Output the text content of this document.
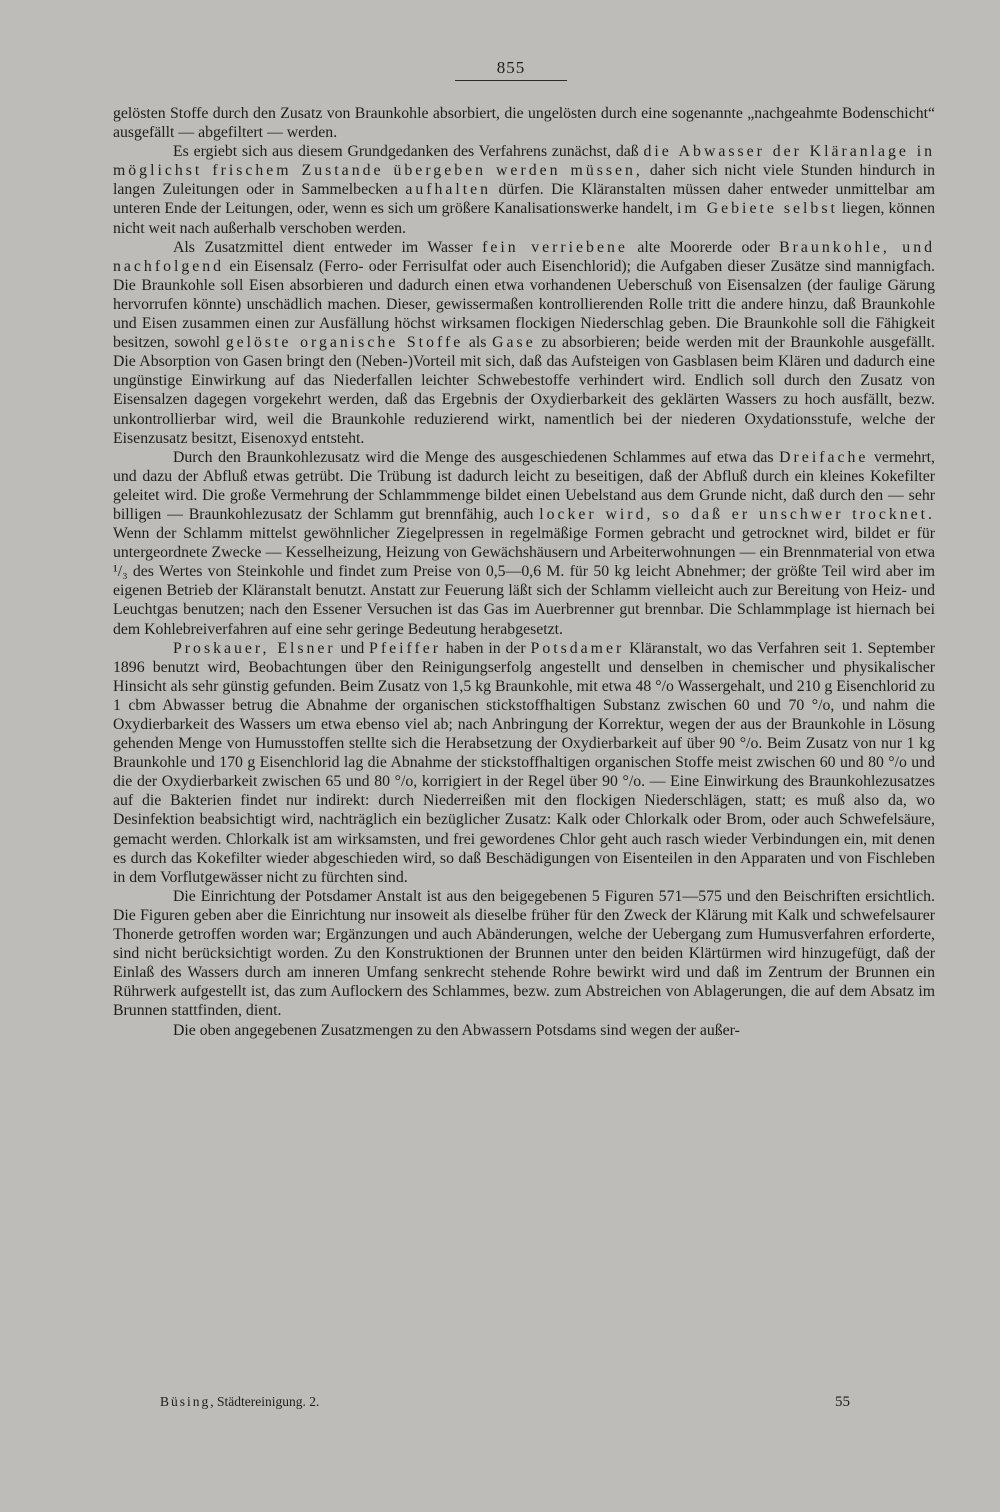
855

gelösten Stoffe durch den Zusatz von Braunkohle absorbiert, die ungelösten durch eine sogenannte „nachgeahmte Bodenschicht“ ausgefällt — abgefiltert — werden.

Es ergiebt sich aus diesem Grundgedanken des Verfahrens zunächst, daß die Abwasser der Kläranlage in möglichst frischem Zustande übergeben werden müssen, daher sich nicht viele Stunden hindurch in langen Zuleitungen oder in Sammelbecken aufhalten dürfen. Die Kläranstalten müssen daher entweder unmittelbar am unteren Ende der Leitungen, oder, wenn es sich um größere Kanalisationswerke handelt, im Gebiete selbst liegen, können nicht weit nach außerhalb verschoben werden.

Als Zusatzmittel dient entweder im Wasser fein verriebene alte Moorerde oder Braunkohle, und nachfolgend ein Eisensalz (Ferro- oder Ferrisulfat oder auch Eisenchlorid); die Aufgaben dieser Zusätze sind mannigfach. Die Braunkohle soll Eisen absorbieren und dadurch einen etwa vorhandenen Ueberschuß von Eisensalzen (der faulige Gärung hervorrufen könnte) unschädlich machen. Dieser, gewissermaßen kontrollierenden Rolle tritt die andere hinzu, daß Braunkohle und Eisen zusammen einen zur Ausfällung höchst wirksamen flockigen Niederschlag geben. Die Braunkohle soll die Fähigkeit besitzen, sowohl gelöste organische Stoffe als Gase zu absorbieren; beide werden mit der Braunkohle ausgefällt. Die Absorption von Gasen bringt den (Neben-)Vorteil mit sich, daß das Aufsteigen von Gasblasen beim Klären und dadurch eine ungünstige Einwirkung auf das Niederfallen leichter Schwebestoffe verhindert wird. Endlich soll durch den Zusatz von Eisensalzen dagegen vorgekehrt werden, daß das Ergebnis der Oxydierbarkeit des geklärten Wassers zu hoch ausfällt, bezw. unkontrollierbar wird, weil die Braunkohle reduzierend wirkt, namentlich bei der niederen Oxydationsstufe, welche der Eisenzusatz besitzt, Eisenoxyd entsteht.

Durch den Braunkohlezusatz wird die Menge des ausgeschiedenen Schlammes auf etwa das Dreifache vermehrt, und dazu der Abfluß etwas getrübt. Die Trübung ist dadurch leicht zu beseitigen, daß der Abfluß durch ein kleines Kokefilter geleitet wird. Die große Vermehrung der Schlammmenge bildet einen Uebelstand aus dem Grunde nicht, daß durch den — sehr billigen — Braunkohlezusatz der Schlamm gut brennfähig, auch locker wird, so daß er unschwer trocknet. Wenn der Schlamm mittelst gewöhnlicher Ziegelpressen in regelmäßige Formen gebracht und getrocknet wird, bildet er für untergeordnete Zwecke — Kesselheizung, Heizung von Gewächshäusern und Arbeiterwohnungen — ein Brennmaterial von etwa ¹/₃ des Wertes von Steinkohle und findet zum Preise von 0,5—0,6 M. für 50 kg leicht Abnehmer; der größte Teil wird aber im eigenen Betrieb der Kläranstalt benutzt. Anstatt zur Feuerung läßt sich der Schlamm vielleicht auch zur Bereitung von Heiz- und Leuchtgas benutzen; nach den Essener Versuchen ist das Gas im Auerbrenner gut brennbar. Die Schlammplage ist hiernach bei dem Kohlebreiverfahren auf eine sehr geringe Bedeutung herabgesetzt.

Proskauer, Elsner und Pfeiffer haben in der Potsdamer Kläranstalt, wo das Verfahren seit 1. September 1896 benutzt wird, Beobachtungen über den Reinigungserfolg angestellt und denselben in chemischer und physikalischer Hinsicht als sehr günstig gefunden. Beim Zusatz von 1,5 kg Braunkohle, mit etwa 48 °/o Wassergehalt, und 210 g Eisenchlorid zu 1 cbm Abwasser betrug die Abnahme der organischen stickstoffhaltigen Substanz zwischen 60 und 70 °/o, und nahm die Oxydierbarkeit des Wassers um etwa ebenso viel ab; nach Anbringung der Korrektur, wegen der aus der Braunkohle in Lösung gehenden Menge von Humusstoffen stellte sich die Herabsetzung der Oxydierbarkeit auf über 90 °/o. Beim Zusatz von nur 1 kg Braunkohle und 170 g Eisenchlorid lag die Abnahme der stickstoffhaltigen organischen Stoffe meist zwischen 60 und 80 °/o und die der Oxydierbarkeit zwischen 65 und 80 °/o, korrigiert in der Regel über 90 °/o. — Eine Einwirkung des Braunkohlezusatzes auf die Bakterien findet nur indirekt: durch Niederreißen mit den flockigen Niederschlägen, statt; es muß also da, wo Desinfektion beabsichtigt wird, nachträglich ein bezüglicher Zusatz: Kalk oder Chlorkalk oder Brom, oder auch Schwefelsäure, gemacht werden. Chlorkalk ist am wirksamsten, und frei gewordenes Chlor geht auch rasch wieder Verbindungen ein, mit denen es durch das Kokefilter wieder abgeschieden wird, so daß Beschädigungen von Eisenteilen in den Apparaten und von Fischleben in dem Vorflutgewässer nicht zu fürchten sind.

Die Einrichtung der Potsdamer Anstalt ist aus den beigegebenen 5 Figuren 571—575 und den Beischriften ersichtlich. Die Figuren geben aber die Einrichtung nur insoweit als dieselbe früher für den Zweck der Klärung mit Kalk und schwefelsaurer Thonerde getroffen worden war; Ergänzungen und auch Abänderungen, welche der Uebergang zum Humusverfahren erforderte, sind nicht berücksichtigt worden. Zu den Konstruktionen der Brunnen unter den beiden Klärtürmen wird hinzugefügt, daß der Einlaß des Wassers durch am inneren Umfang senkrecht stehende Rohre bewirkt wird und daß im Zentrum der Brunnen ein Rührwerk aufgestellt ist, das zum Auflockern des Schlammes, bezw. zum Abstreichen von Ablagerungen, die auf dem Absatz im Brunnen stattfinden, dient.

Die oben angegebenen Zusatzmengen zu den Abwassern Potsdams sind wegen der außer-

Büsing, Städtereinigung. 2.	55
